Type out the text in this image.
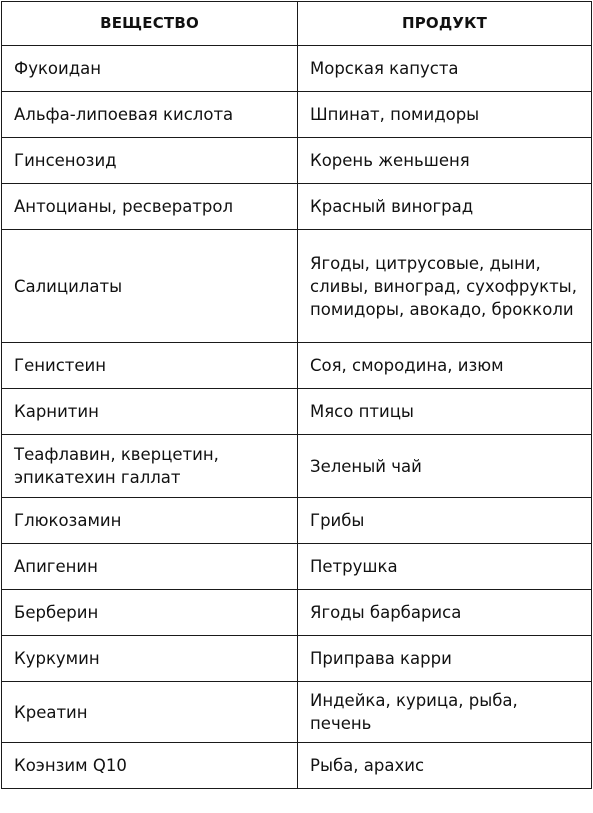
ВЕЩЕСТВО	ПРОДУКТ
Фукоидан	Морская капуста
Альфа-липоевая кислота	Шпинат, помидоры
Гинсенозид	Корень женьшеня
Антоцианы, ресвератрол	Красный виноград
Салицилаты	Ягоды, цитрусовые, дыни, сливы, виноград, сухофрукты, помидоры, авокадо, брокколи
Генистеин	Соя, смородина, изюм
Карнитин	Мясо птицы
Теафлавин, кверцетин, эпикатехин галлат	Зеленый чай
Глюкозамин	Грибы
Апигенин	Петрушка
Берберин	Ягоды барбариса
Куркумин	Приправа карри
Креатин	Индейка, курица, рыба, печень
Коэнзим Q10	Рыба, арахис
